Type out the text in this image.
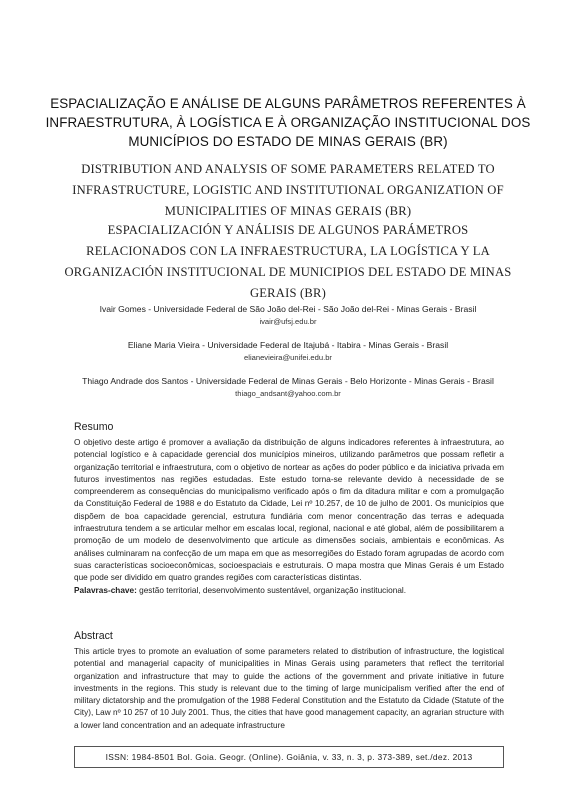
ESPACIALIZAÇÃO E ANÁLISE DE ALGUNS PARÂMETROS REFERENTES À INFRAESTRUTURA, À LOGÍSTICA E À ORGANIZAÇÃO INSTITUCIONAL DOS MUNICÍPIOS DO ESTADO DE MINAS GERAIS (BR)
DISTRIBUTION AND ANALYSIS OF SOME PARAMETERS RELATED TO INFRASTRUCTURE, LOGISTIC AND INSTITUTIONAL ORGANIZATION OF MUNICIPALITIES OF MINAS GERAIS (BR)
ESPACIALIZACIÓN Y ANÁLISIS DE ALGUNOS PARÁMETROS RELACIONADOS CON LA INFRAESTRUCTURA, LA LOGÍSTICA Y LA ORGANIZACIÓN INSTITUCIONAL DE MUNICIPIOS DEL ESTADO DE MINAS GERAIS (BR)
Ivair Gomes - Universidade Federal de São João del-Rei - São João del-Rei - Minas Gerais - Brasil
ivair@ufsj.edu.br
Eliane Maria Vieira - Universidade Federal de Itajubá - Itabira - Minas Gerais - Brasil
elianevieira@unifei.edu.br
Thiago Andrade dos Santos - Universidade Federal de Minas Gerais - Belo Horizonte - Minas Gerais - Brasil
thiago_andsant@yahoo.com.br
Resumo

O objetivo deste artigo é promover a avaliação da distribuição de alguns indicadores referentes à infraestrutura, ao potencial logístico e à capacidade gerencial dos municípios mineiros, utilizando parâmetros que possam refletir a organização territorial e infraestrutura, com o objetivo de nortear as ações do poder público e da iniciativa privada em futuros investimentos nas regiões estudadas. Este estudo torna-se relevante devido à necessidade de se compreenderem as consequências do municipalismo verificado após o fim da ditadura militar e com a promulgação da Constituição Federal de 1988 e do Estatuto da Cidade, Lei nº 10.257, de 10 de julho de 2001. Os municípios que dispõem de boa capacidade gerencial, estrutura fundiária com menor concentração das terras e adequada infraestrutura tendem a se articular melhor em escalas local, regional, nacional e até global, além de possibilitarem a promoção de um modelo de desenvolvimento que articule as dimensões sociais, ambientais e econômicas. As análises culminaram na confecção de um mapa em que as mesorregiões do Estado foram agrupadas de acordo com suas características socioeconômicas, socioespaciais e estruturais. O mapa mostra que Minas Gerais é um Estado que pode ser dividido em quatro grandes regiões com características distintas.

Palavras-chave: gestão territorial, desenvolvimento sustentável, organização institucional.

Abstract

This article tryes to promote an evaluation of some parameters related to distribution of infrastructure, the logistical potential and managerial capacity of municipalities in Minas Gerais using parameters that reflect the territorial organization and infrastructure that may to guide the actions of the government and private initiative in future investments in the regions. This study is relevant due to the timing of large municipalism verified after the end of military dictatorship and the promulgation of the 1988 Federal Constitution and the Estatuto da Cidade (Statute of the City), Law nº 10 257 of 10 July 2001. Thus, the cities that have good management capacity, an agrarian structure with a lower land concentration and an adequate infrastructure

ISSN: 1984-8501 Bol. Goia. Geogr. (Online). Goiânia, v. 33, n. 3, p. 373-389, set./dez. 2013
